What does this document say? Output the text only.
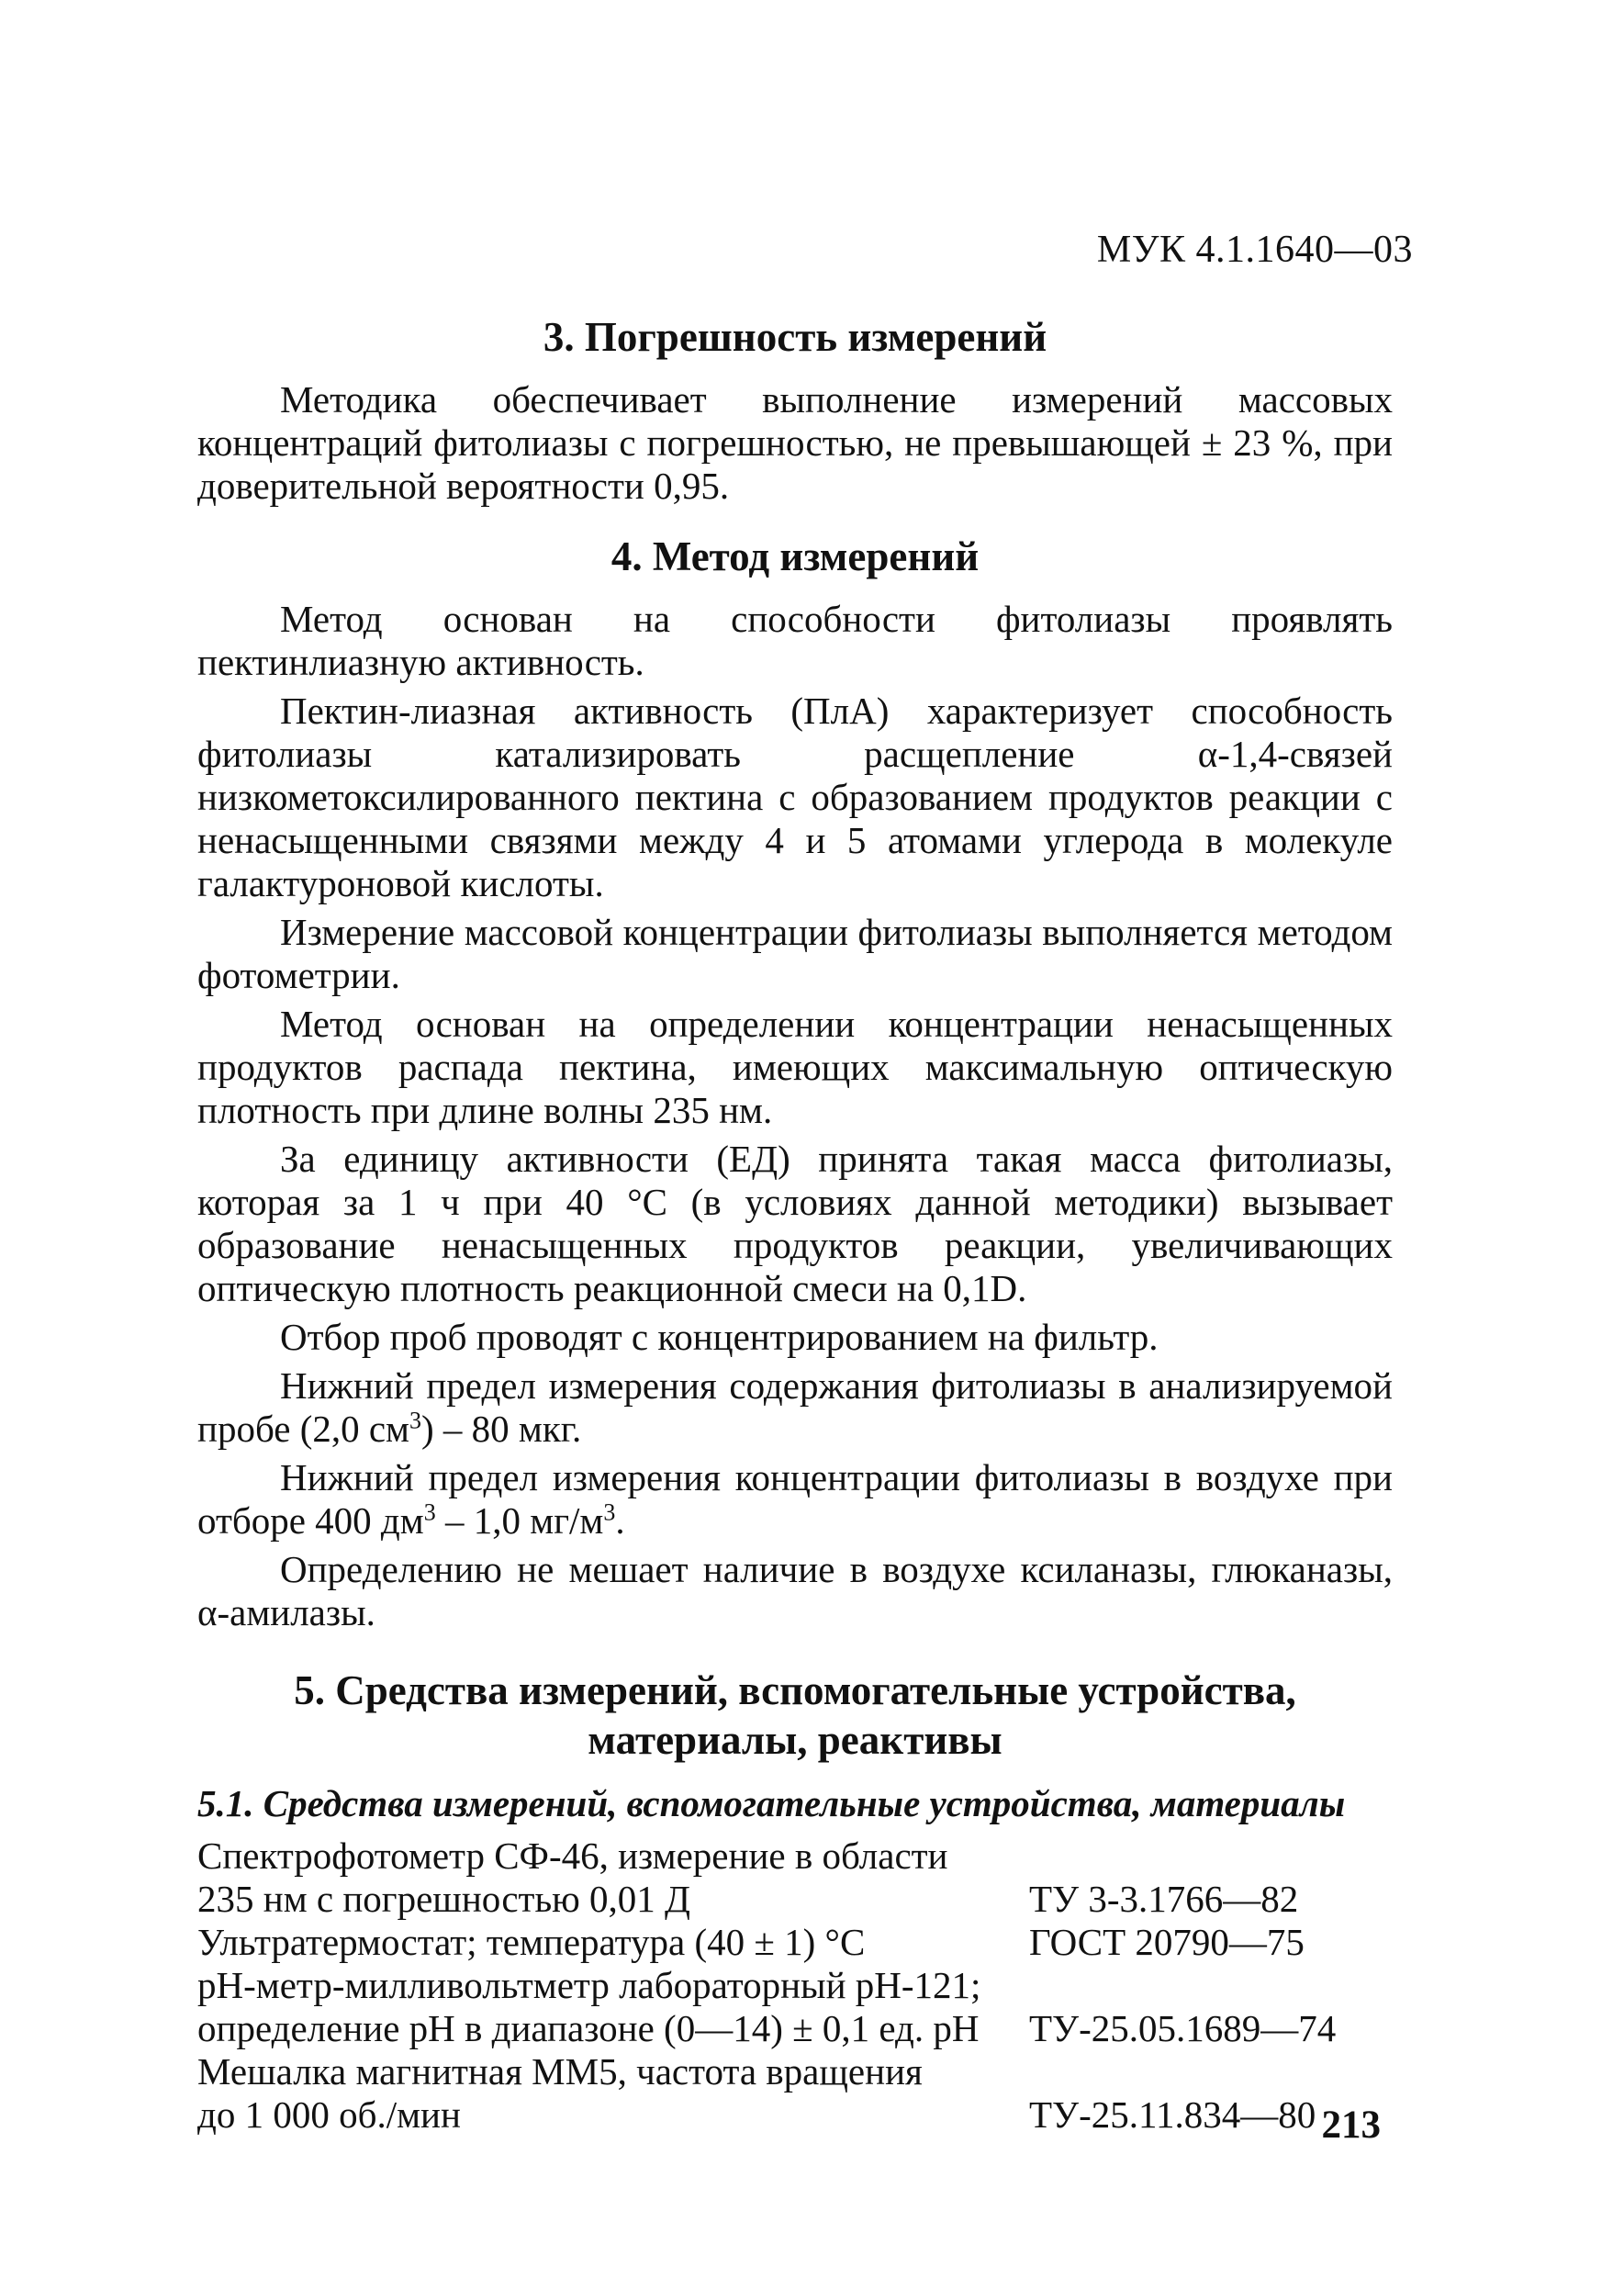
МУК 4.1.1640—03
3. Погрешность измерений

Методика обеспечивает выполнение измерений массовых концентраций фитолиазы с погрешностью, не превышающей ± 23 %, при доверительной вероятности 0,95.

4. Метод измерений

Метод основан на способности фитолиазы проявлять пектинлиазную активность.

Пектин-лиазная активность (ПлА) характеризует способность фитолиазы катализировать расщепление α-1,4-связей низкометоксилированного пектина с образованием продуктов реакции с ненасыщенными связями между 4 и 5 атомами углерода в молекуле галактуроновой кислоты.

Измерение массовой концентрации фитолиазы выполняется методом фотометрии.

Метод основан на определении концентрации ненасыщенных продуктов распада пектина, имеющих максимальную оптическую плотность при длине волны 235 нм.

За единицу активности (ЕД) принята такая масса фитолиазы, которая за 1 ч при 40 °С (в условиях данной методики) вызывает образование ненасыщенных продуктов реакции, увеличивающих оптическую плотность реакционной смеси на 0,1D.

Отбор проб проводят с концентрированием на фильтр.

Нижний предел измерения содержания фитолиазы в анализируемой пробе (2,0 $см^3) - 80$ мкг.

Нижний предел измерения концентрации фитолиазы в воздухе при отборе 400 $дм^3 - 1,0$ $мг/м^3$.

Определению не мешает наличие в воздухе ксиланазы, глюканазы, α-амилазы.

5. Средства измерений, вспомогательные устройства,
материалы, реактивы
5.1. Средства измерений, вспомогательные устройства, материалы
Спектрофотометр СФ-46, измерение в области
235 нм с погрешностью 0,01 Д	ТУ 3-3.1766—82

Ультратермостат; температура (40 ± 1) °С	ГОСТ 20790—75

рН-метр-милливольтметр лабораторный рН-121;
определение рН в диапазоне (0—14) ± 0,1 ед. рН	ТУ-25.05.1689—74

Мешалка магнитная ММ5, частота вращения
до 1 000 об./мин	ТУ-25.11.834—80 213
